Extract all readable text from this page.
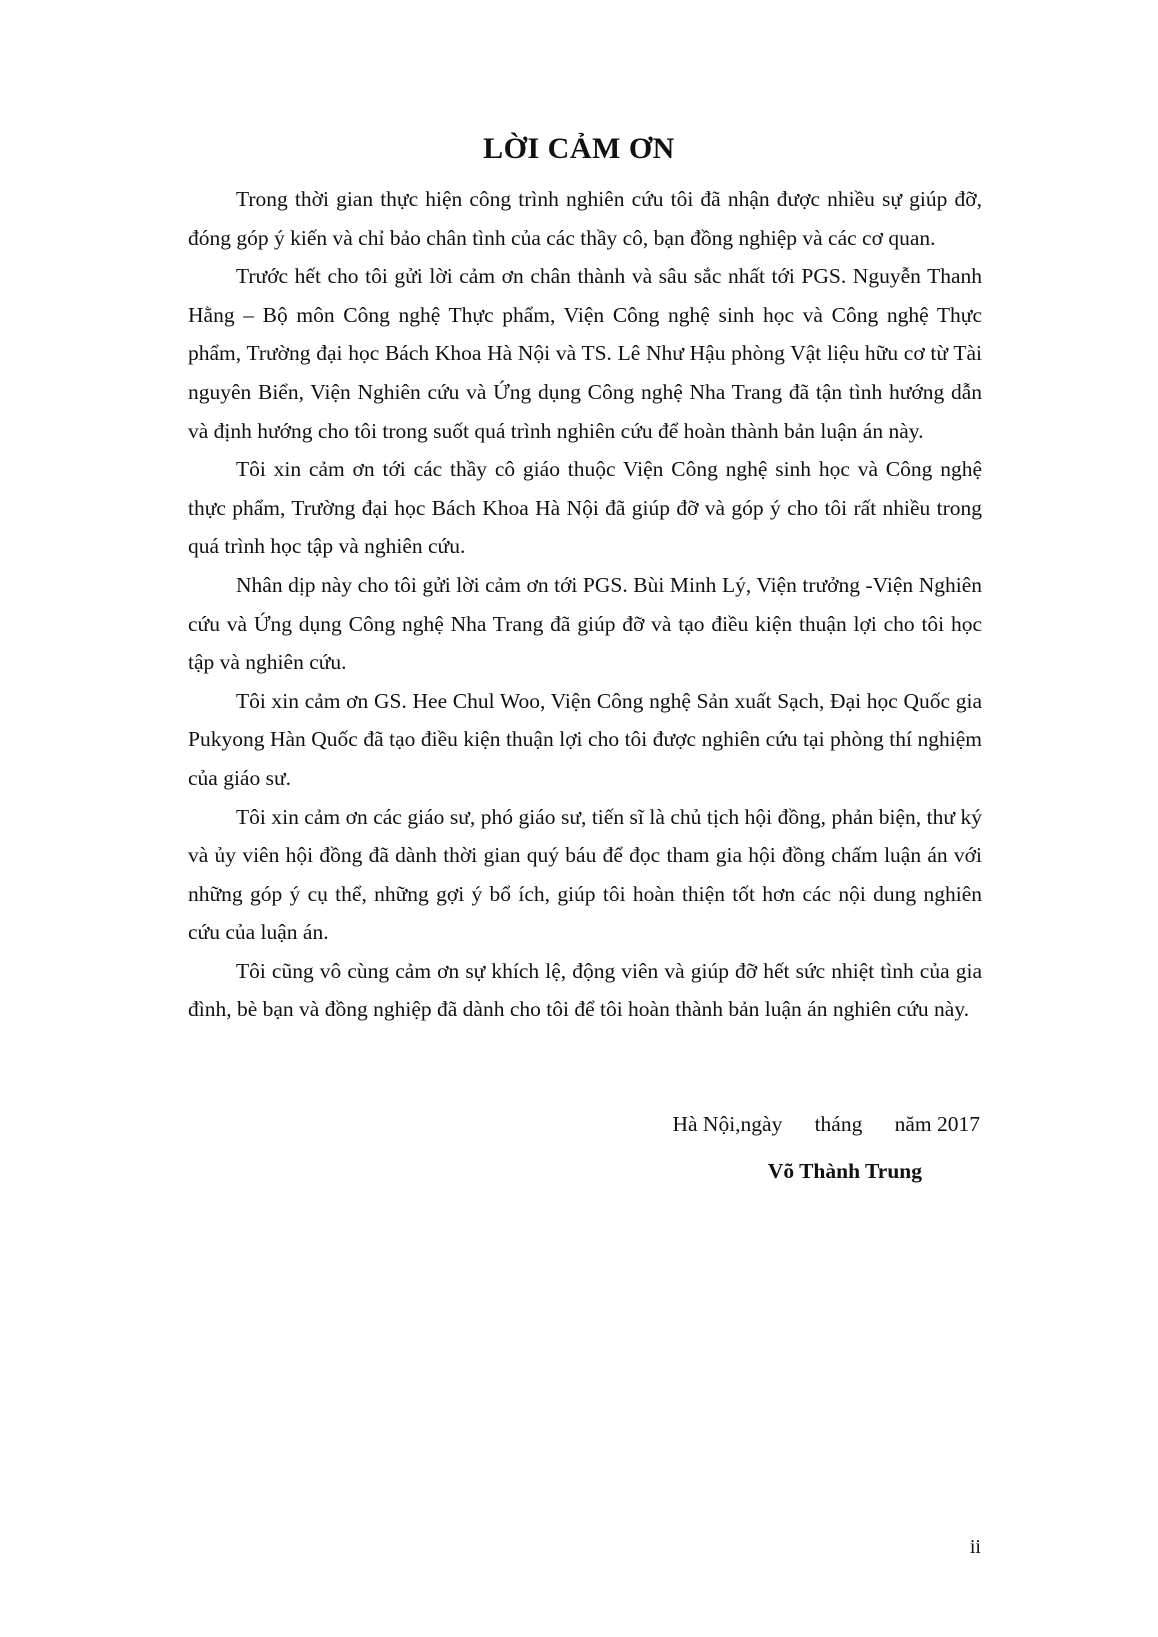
LỜI CẢM ƠN

Trong thời gian thực hiện công trình nghiên cứu tôi đã nhận được nhiều sự giúp đỡ, đóng góp ý kiến và chỉ bảo chân tình của các thầy cô, bạn đồng nghiệp và các cơ quan.

Trước hết cho tôi gửi lời cảm ơn chân thành và sâu sắc nhất tới PGS. Nguyễn Thanh Hằng – Bộ môn Công nghệ Thực phẩm, Viện Công nghệ sinh học và Công nghệ Thực phẩm, Trường đại học Bách Khoa Hà Nội và TS. Lê Như Hậu phòng Vật liệu hữu cơ từ Tài nguyên Biển, Viện Nghiên cứu và Ứng dụng Công nghệ Nha Trang đã tận tình hướng dẫn và định hướng cho tôi trong suốt quá trình nghiên cứu để hoàn thành bản luận án này.

Tôi xin cảm ơn tới các thầy cô giáo thuộc Viện Công nghệ sinh học và Công nghệ thực phẩm, Trường đại học Bách Khoa Hà Nội đã giúp đỡ và góp ý cho tôi rất nhiều trong quá trình học tập và nghiên cứu.

Nhân dịp này cho tôi gửi lời cảm ơn tới PGS. Bùi Minh Lý, Viện trưởng -Viện Nghiên cứu và Ứng dụng Công nghệ Nha Trang đã giúp đỡ và tạo điều kiện thuận lợi cho tôi học tập và nghiên cứu.

Tôi xin cảm ơn GS. Hee Chul Woo, Viện Công nghệ Sản xuất Sạch, Đại học Quốc gia Pukyong Hàn Quốc đã tạo điều kiện thuận lợi cho tôi được nghiên cứu tại phòng thí nghiệm của giáo sư.

Tôi xin cảm ơn các giáo sư, phó giáo sư, tiến sĩ là chủ tịch hội đồng, phản biện, thư ký và ủy viên hội đồng đã dành thời gian quý báu để đọc tham gia hội đồng chấm luận án với những góp ý cụ thể, những gợi ý bổ ích, giúp tôi hoàn thiện tốt hơn các nội dung nghiên cứu của luận án.

Tôi cũng vô cùng cảm ơn sự khích lệ, động viên và giúp đỡ hết sức nhiệt tình của gia đình, bè bạn và đồng nghiệp đã dành cho tôi để tôi hoàn thành bản luận án nghiên cứu này.

Hà Nội,ngày      tháng      năm 2017

Võ Thành Trung

ii
